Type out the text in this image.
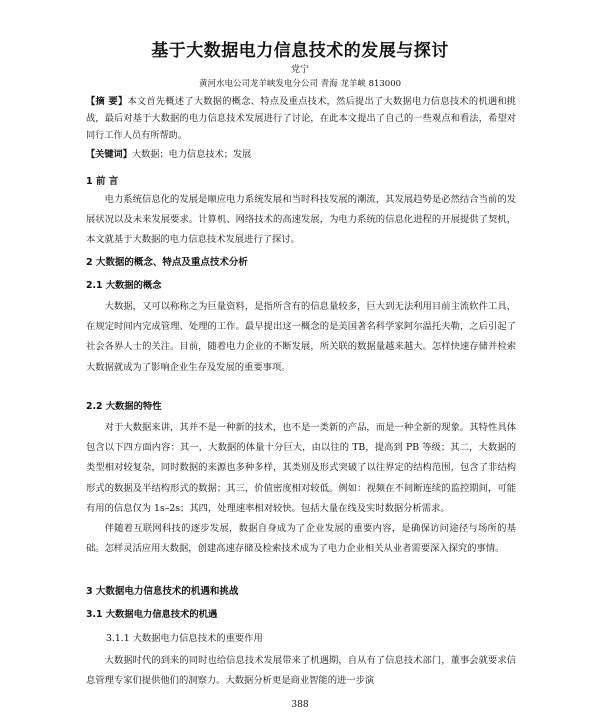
基于大数据电力信息技术的发展与探讨
党宁
黄河水电公司龙羊峡发电分公司 青海 龙羊峡 813000
【摘 要】本文首先概述了大数据的概念、特点及重点技术，然后提出了大数据电力信息技术的机遇和挑战，最后对基于大数据的电力信息技术发展进行了讨论，在此本文提出了自己的一些观点和看法，希望对同行工作人员有所帮助。
【关键词】大数据；电力信息技术；发展
1 前 言
电力系统信息化的发展是顺应电力系统发展和当时科技发展的潮流，其发展趋势是必然结合当前的发展状况以及未来发展要求。计算机、网络技术的高速发展，为电力系统的信息化进程的开展提供了契机，本文就基于大数据的电力信息技术发展进行了探讨。
2 大数据的概念、特点及重点技术分析
2.1 大数据的概念
大数据，又可以称称之为巨量资料，是指所含有的信息量较多，巨大到无法利用目前主流软件工具，在规定时间内完成管理、处理的工作。最早提出这一概念的是美国著名科学家阿尔温托夫勒，之后引起了社会各界人士的关注。目前，随着电力企业的不断发展，所关联的数据量越来越大。怎样快速存储并检索大数据就成为了影响企业生存及发展的重要事项。
2.2 大数据的特性
对于大数据来讲，其并不是一种新的技术，也不是一类新的产品，而是一种全新的现象。其特性具体包含以下四方面内容：其一，大数据的体量十分巨大，由以往的 TB，提高到 PB 等级；其二，大数据的类型相对较复杂，同时数据的来源也多种多样，其类别及形式突破了以往界定的结构范围，包含了非结构形式的数据及半结构形式的数据；其三，价值密度相对较低。例如：视频在不间断连续的监控期间，可能有用的信息仅为 1s–2s；其四，处理速率相对较快。包括大量在线及实时数据分析需求。
伴随着互联网科技的逐步发展，数据自身成为了企业发展的重要内容，是确保访问途径与场所的基础。怎样灵活应用大数据，创建高速存储及检索技术成为了电力企业相关从业者需要深入探究的事情。
3 大数据电力信息技术的机遇和挑战
3.1 大数据电力信息技术的机遇
3.1.1 大数据电力信息技术的重要作用
大数据时代的到来的同时也给信息技术发展带来了机遇期，自从有了信息技术部门，董事会就要求信息管理专家们提供他们的洞察力。大数据分析更是商业智能的进一步演
388
